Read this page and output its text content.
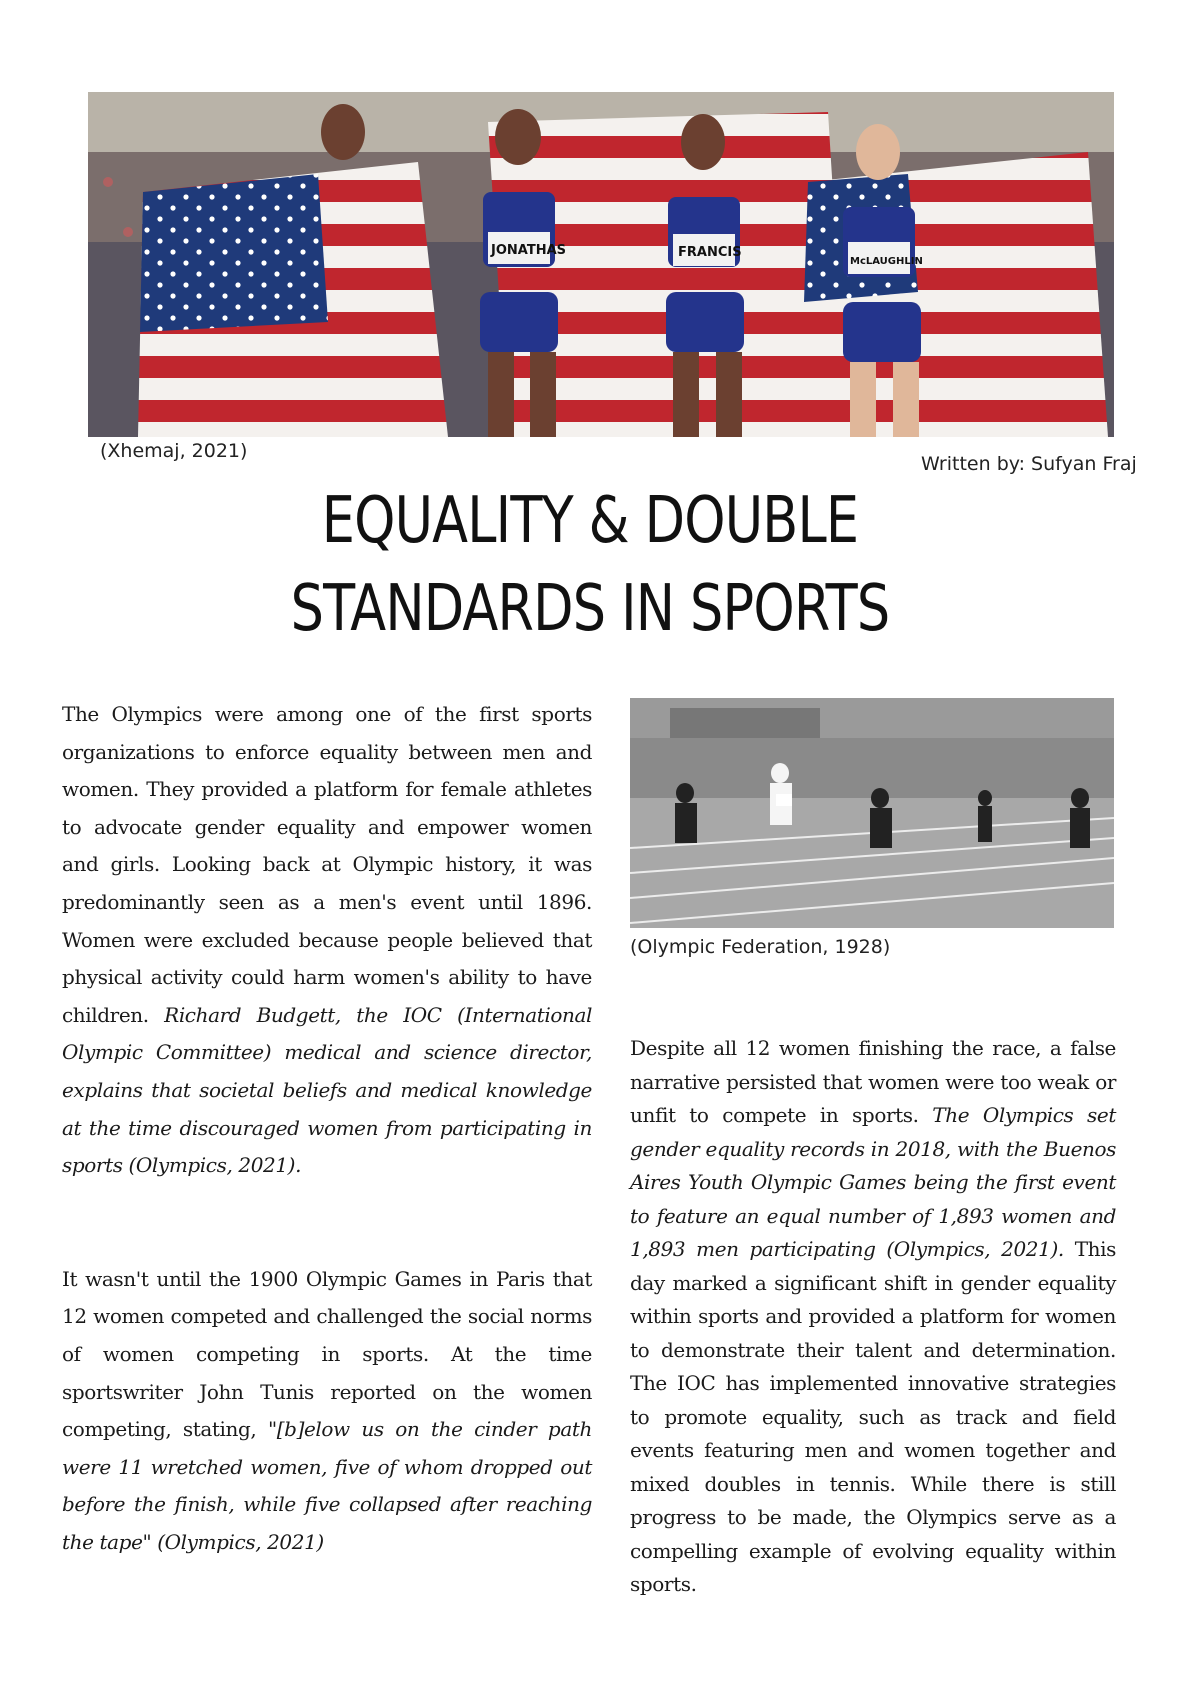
JONATHAS	FRANCIS
McLAUGHLIN
(Xhemaj, 2021)
Written by: Sufyan Fraj
EQUALITY & DOUBLE
STANDARDS IN SPORTS

The Olympics were among one of the first sports organizations to enforce equality between men and women. They provided a platform for female athletes to advocate gender equality and empower women and girls. Looking back at Olympic history, it was predominantly seen as a men's event until 1896. Women were excluded because people believed that physical activity could harm women's ability to have children. Richard Budgett, the IOC (International Olympic Committee) medical and science director, explains that societal beliefs and medical knowledge at the time discouraged women from participating in sports (Olympics, 2021).

It wasn't until the 1900 Olympic Games in Paris that 12 women competed and challenged the social norms of women competing in sports. At the time sportswriter John Tunis reported on the women competing, stating, "[b]elow us on the cinder path were 11 wretched women, five of whom dropped out before the finish, while five collapsed after reaching the tape" (Olympics, 2021)

(Olympic Federation, 1928)

Despite all 12 women finishing the race, a false narrative persisted that women were too weak or unfit to compete in sports. The Olympics set gender equality records in 2018, with the Buenos Aires Youth Olympic Games being the first event to feature an equal number of 1,893 women and 1,893 men participating (Olympics, 2021). This day marked a significant shift in gender equality within sports and provided a platform for women to demonstrate their talent and determination. The IOC has implemented innovative strategies to promote equality, such as track and field events featuring men and women together and mixed doubles in tennis. While there is still progress to be made, the Olympics serve as a compelling example of evolving equality within sports.
